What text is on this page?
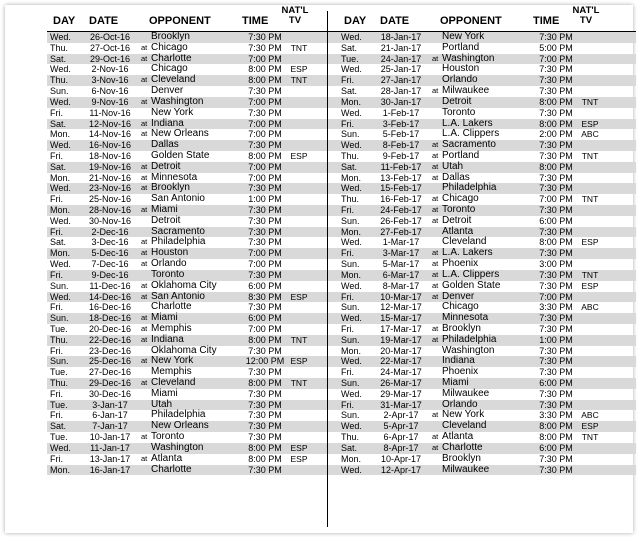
DAY DATE	OPPONENT	TIME
NAT'L
TV
Wed.	26-Oct-16	Brooklyn	7:30 PM
Thu.	27-Oct-16	at Chicago	7:30 PM	TNT
Sat.	29-Oct-16	at Charlotte	7:00 PM
Wed.	2-Nov-16	Chicago	8:00 PM	ESP
Thu.	3-Nov-16	at Cleveland	8:00 PM	TNT
Sun.	6-Nov-16	Denver	7:30 PM
Wed.	9-Nov-16	at Washington	7:00 PM
Fri.	11-Nov-16	New York	7:30 PM
Sat.	12-Nov-16	at Indiana	7:00 PM
Mon.	14-Nov-16	at New Orleans	7:00 PM
Wed.	16-Nov-16	Dallas	7:30 PM
Fri.	18-Nov-16	Golden State	8:00 PM	ESP
Sat.	19-Nov-16	at Detroit	7:00 PM
Mon.	21-Nov-16	at Minnesota	7:00 PM
Wed.	23-Nov-16	at Brooklyn	7:30 PM
Fri.	25-Nov-16	San Antonio	1:00 PM
Mon.	28-Nov-16	at Miami	7:30 PM
Wed.	30-Nov-16	Detroit	7:30 PM
Fri.	2-Dec-16	Sacramento	7:30 PM
Sat.	3-Dec-16	at Philadelphia	7:30 PM
Mon.	5-Dec-16	at Houston	7:00 PM
Wed.	7-Dec-16	at Orlando	7:00 PM
Fri.	9-Dec-16	Toronto	7:30 PM
Sun.	11-Dec-16	at Oklahoma City	6:00 PM
Wed.	14-Dec-16	at San Antonio	8:30 PM	ESP
Fri.	16-Dec-16	Charlotte	7:30 PM
Sun.	18-Dec-16	at Miami	6:00 PM
Tue.	20-Dec-16	at Memphis	7:00 PM
Thu.	22-Dec-16	at Indiana	8:00 PM	TNT
Fri.	23-Dec-16	Oklahoma City	7:30 PM
Sun.	25-Dec-16	at New York	12:00 PM ESP
Tue.	27-Dec-16	Memphis	7:30 PM
Thu.	29-Dec-16	at Cleveland	8:00 PM	TNT
Fri.	30-Dec-16	Miami	7:30 PM
Tue.	3-Jan-17	Utah	7:30 PM
Fri.	6-Jan-17	Philadelphia	7:30 PM
Sat.	7-Jan-17	New Orleans	7:30 PM
Tue.	10-Jan-17	at Toronto	7:30 PM
Wed.	11-Jan-17	Washington	8:00 PM	ESP
Fri.	13-Jan-17	at Atlanta	8:00 PM	ESP
Mon.	16-Jan-17	Charlotte	7:30 PM
DAY DATE	OPPONENT	TIME
NAT'L
TV
Wed.	18-Jan-17	New York	7:30 PM
Sat.	21-Jan-17	Portland	5:00 PM
Tue.	24-Jan-17	at Washington	7:00 PM
Wed.	25-Jan-17	Houston	7:30 PM
Fri.	27-Jan-17	Orlando	7:30 PM
Sat.	28-Jan-17	at Milwaukee	7:30 PM
Mon.	30-Jan-17	Detroit	8:00 PM	TNT
Wed.	1-Feb-17	Toronto	7:30 PM
Fri.	3-Feb-17	L.A. Lakers	8:00 PM	ESP
Sun.	5-Feb-17	L.A. Clippers	2:00 PM ABC
Wed.	8-Feb-17	at Sacramento	7:30 PM
Thu.	9-Feb-17	at Portland	7:30 PM	TNT
Sat.	11-Feb-17	at Utah	8:00 PM
Mon.	13-Feb-17	at Dallas	7:30 PM
Wed.	15-Feb-17	Philadelphia	7:30 PM
Thu.	16-Feb-17	at Chicago	7:00 PM	TNT
Fri.	24-Feb-17	at Toronto	7:30 PM
Sun.	26-Feb-17	at Detroit	6:00 PM
Mon.	27-Feb-17	Atlanta	7:30 PM
Wed.	1-Mar-17	Cleveland	8:00 PM	ESP
Fri.	3-Mar-17	at L.A. Lakers	7:30 PM
Sun.	5-Mar-17	at Phoenix	3:00 PM
Mon.	6-Mar-17	at L.A. Clippers	7:30 PM	TNT
Wed.	8-Mar-17	at Golden State	7:30 PM	ESP
Fri.	10-Mar-17	at Denver	7:00 PM
Sun.	12-Mar-17	Chicago	3:30 PM ABC
Wed.	15-Mar-17	Minnesota	7:30 PM
Fri.	17-Mar-17	at Brooklyn	7:30 PM
Sun.	19-Mar-17	at Philadelphia	1:00 PM
Mon.	20-Mar-17	Washington	7:30 PM
Wed.	22-Mar-17	Indiana	7:30 PM
Fri.	24-Mar-17	Phoenix	7:30 PM
Sun.	26-Mar-17	Miami	6:00 PM
Wed.	29-Mar-17	Milwaukee	7:30 PM
Fri.	31-Mar-17	Orlando	7:30 PM
Sun.	2-Apr-17	at New York	3:30 PM ABC
Wed.	5-Apr-17	Cleveland	8:00 PM	ESP
Thu.	6-Apr-17	at Atlanta	8:00 PM	TNT
Sat.	8-Apr-17	at Charlotte	6:00 PM
Mon.	10-Apr-17	Brooklyn	7:30 PM
Wed.	12-Apr-17	Milwaukee	7:30 PM
